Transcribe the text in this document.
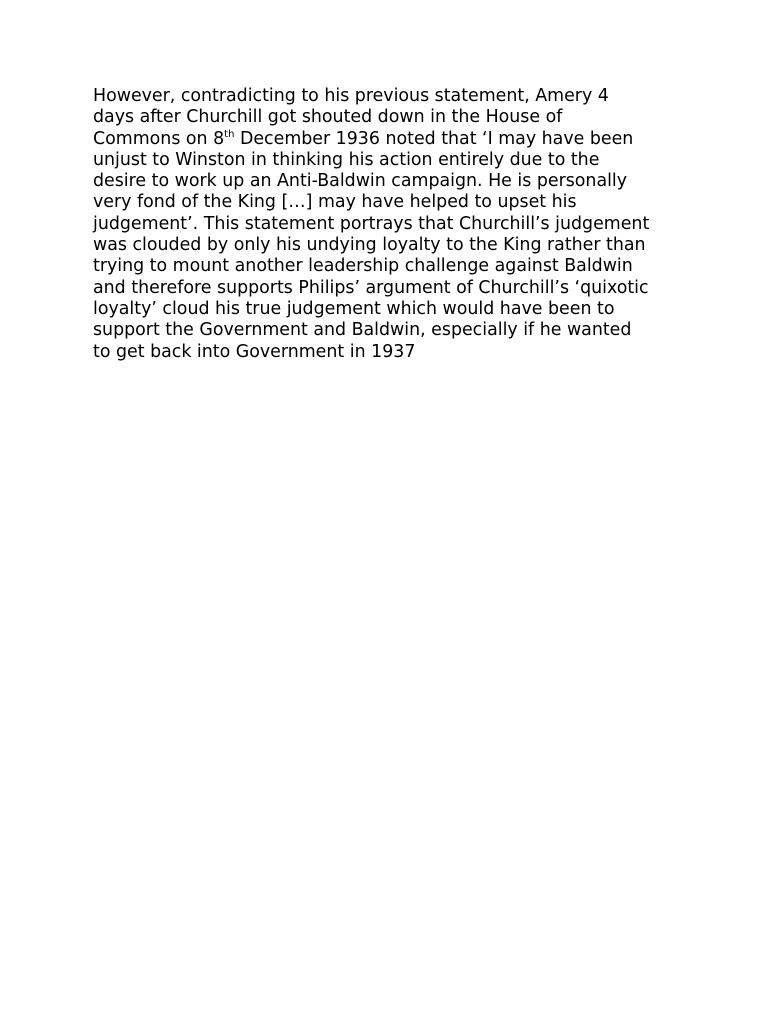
However, contradicting to his previous statement, Amery 4
days after Churchill got shouted down in the House of
Commons on 8th December 1936 noted that ‘I may have been
unjust to Winston in thinking his action entirely due to the
desire to work up an Anti-Baldwin campaign. He is personally
very fond of the King […] may have helped to upset his
judgement’. This statement portrays that Churchill’s judgement
was clouded by only his undying loyalty to the King rather than
trying to mount another leadership challenge against Baldwin
and therefore supports Philips’ argument of Churchill’s ‘quixotic
loyalty’ cloud his true judgement which would have been to
support the Government and Baldwin, especially if he wanted
to get back into Government in 1937
